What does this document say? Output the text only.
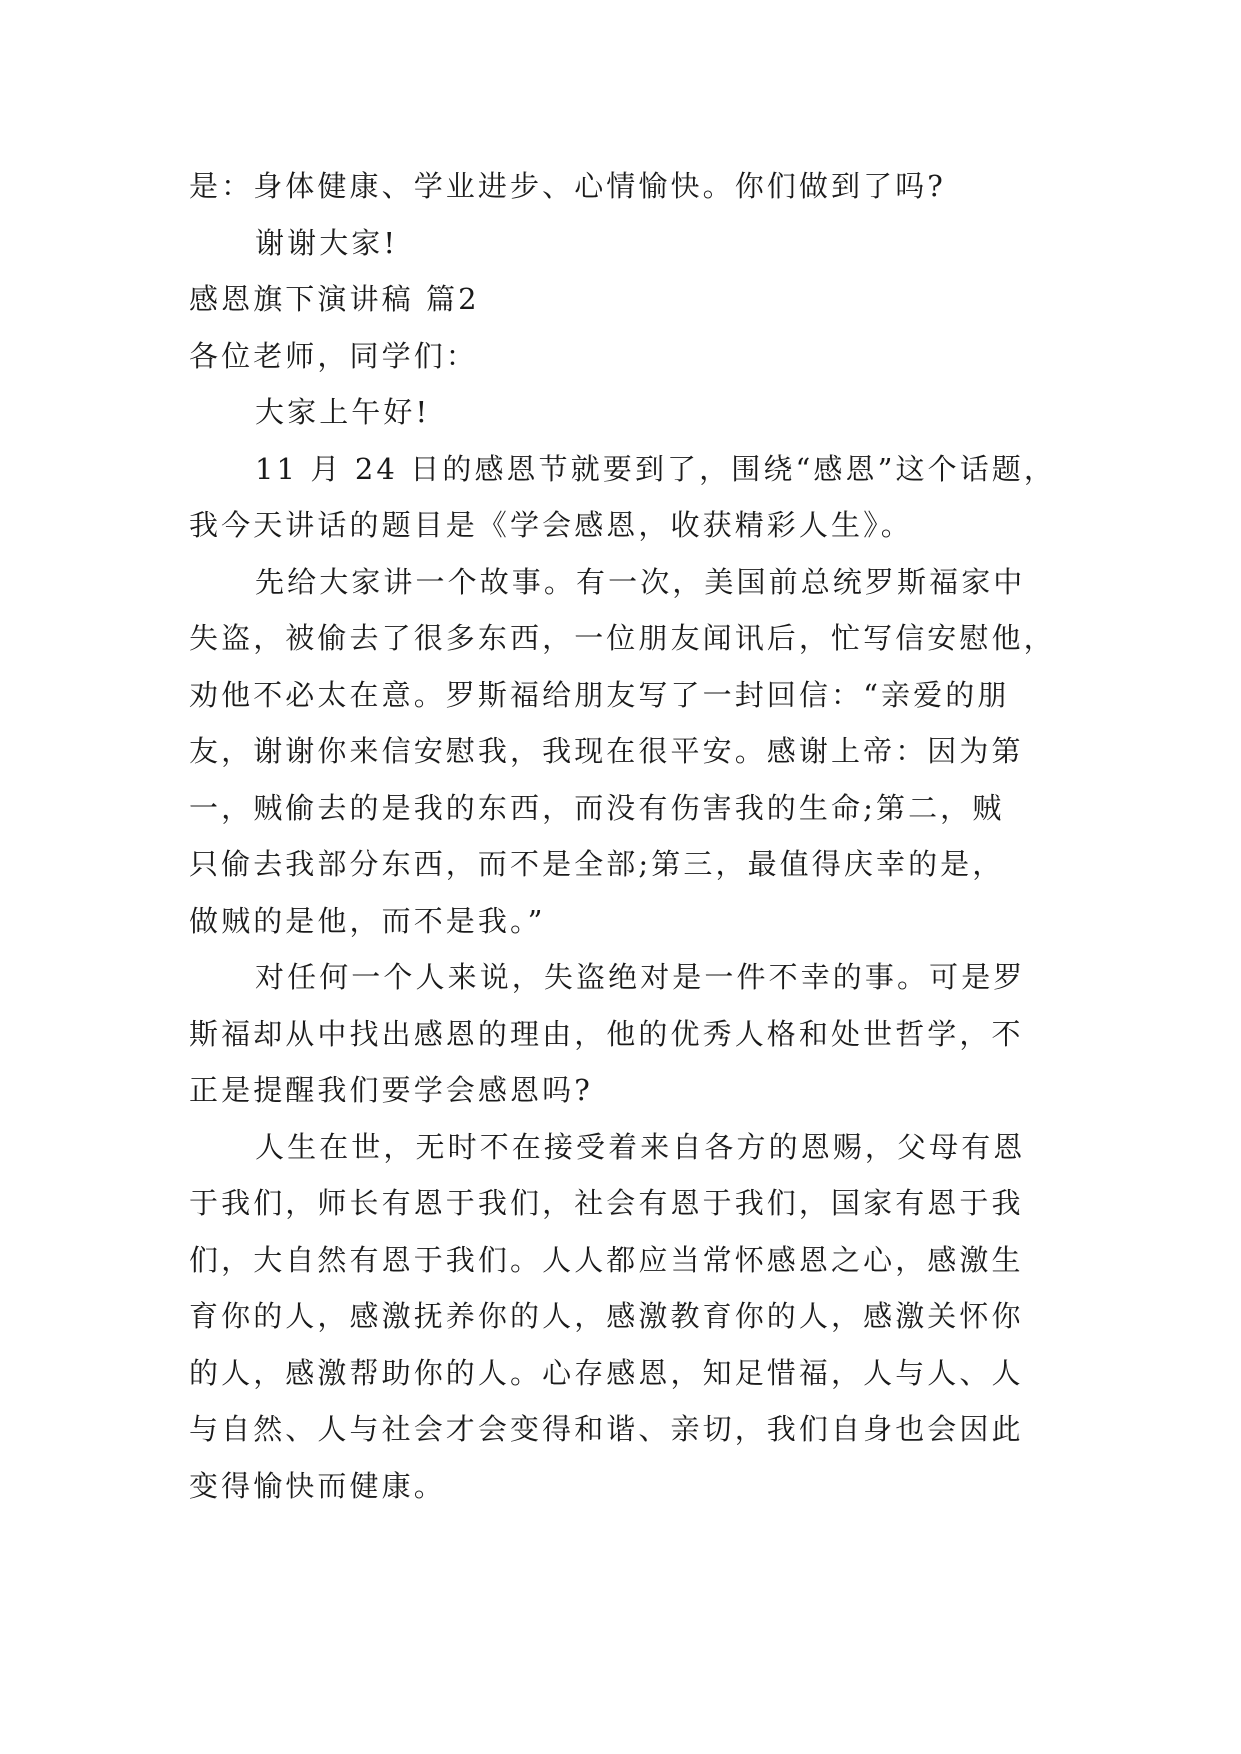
是：身体健康、学业进步、心情愉快。你们做到了吗?
谢谢大家!
感恩旗下演讲稿 篇2
各位老师，同学们：
大家上午好!
11 月 24 日的感恩节就要到了，围绕“感恩”这个话题，
我今天讲话的题目是《学会感恩，收获精彩人生》。
先给大家讲一个故事。有一次，美国前总统罗斯福家中
失盗，被偷去了很多东西，一位朋友闻讯后，忙写信安慰他，
劝他不必太在意。罗斯福给朋友写了一封回信：“亲爱的朋
友，谢谢你来信安慰我，我现在很平安。感谢上帝：因为第
一，贼偷去的是我的东西，而没有伤害我的生命;第二，贼
只偷去我部分东西，而不是全部;第三，最值得庆幸的是，
做贼的是他，而不是我。”
对任何一个人来说，失盗绝对是一件不幸的事。可是罗
斯福却从中找出感恩的理由，他的优秀人格和处世哲学，不
正是提醒我们要学会感恩吗?
人生在世，无时不在接受着来自各方的恩赐，父母有恩
于我们，师长有恩于我们，社会有恩于我们，国家有恩于我
们，大自然有恩于我们。人人都应当常怀感恩之心，感激生
育你的人，感激抚养你的人，感激教育你的人，感激关怀你
的人，感激帮助你的人。心存感恩，知足惜福，人与人、人
与自然、人与社会才会变得和谐、亲切，我们自身也会因此
变得愉快而健康。
